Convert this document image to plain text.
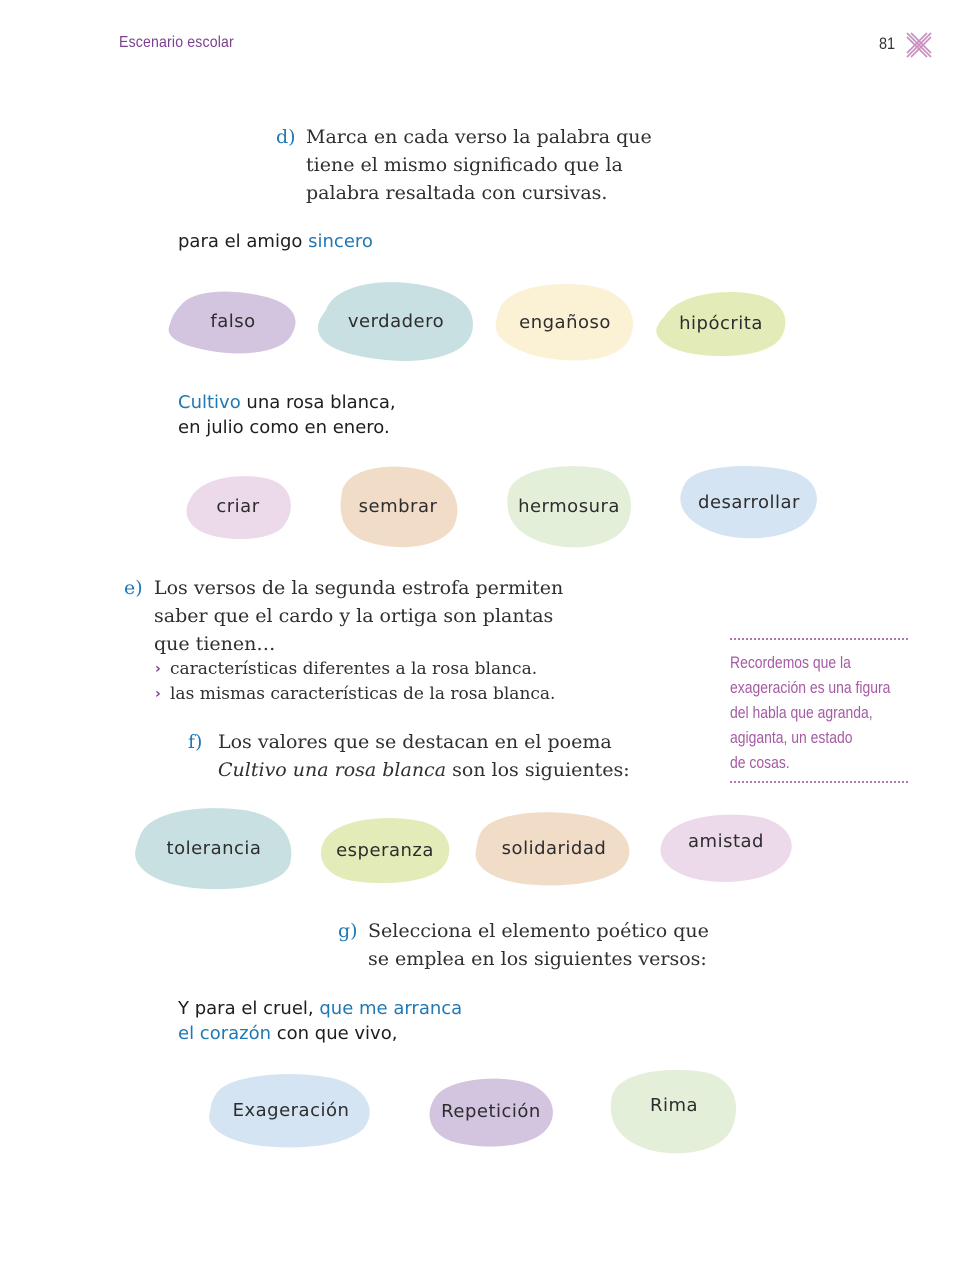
Escenario escolar	81
d) Marca en cada verso la palabra que
tiene el mismo significado que la
palabra resaltada con cursivas.
para el amigo sincero
falso	verdadero	engañoso	hipócrita
Cultivo una rosa blanca,
en julio como en enero.
criar	sembrar	hermosura	desarrollar
e) Los versos de la segunda estrofa permiten
saber que el cardo y la ortiga son plantas
que tienen…
› características diferentes a la rosa blanca.
› las mismas características de la rosa blanca.
Recordemos que la
exageración es una figura
del habla que agranda,
agiganta, un estado
de cosas.
f) Los valores que se destacan en el poema
Cultivo una rosa blanca son los siguientes:
tolerancia	esperanza	solidaridad	amistad
g) Selecciona el elemento poético que
se emplea en los siguientes versos:
Y para el cruel, que me arranca
el corazón con que vivo,
Exageración	Repetición	Rima
